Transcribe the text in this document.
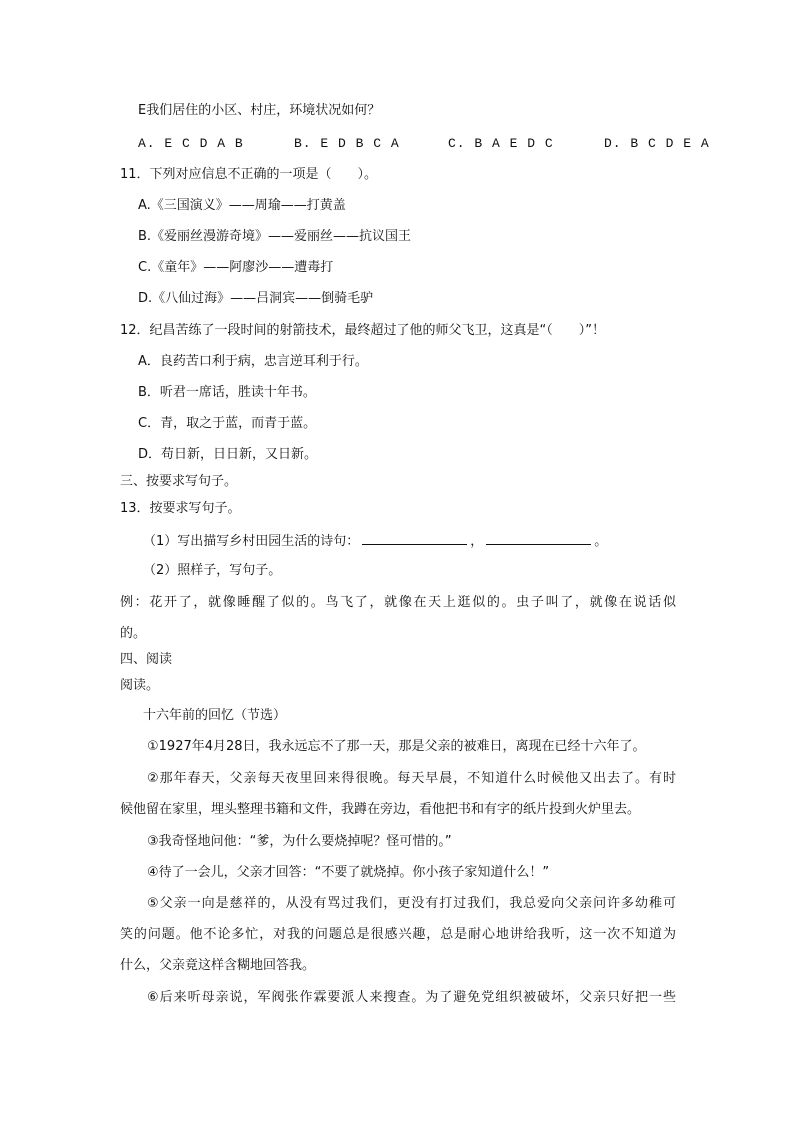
E我们居住的小区、村庄，环境状况如何？
A. E C D A B	B. E D B C A	C. B A E D C	D. B C D E A
11．下列对应信息不正确的一项是（　　）。
A.《三国演义》——周瑜——打黄盖
B.《爱丽丝漫游奇境》——爱丽丝——抗议国王
C.《童年》——阿廖沙——遭毒打
D.《八仙过海》——吕洞宾——倒骑毛驴
12．纪昌苦练了一段时间的射箭技术，最终超过了他的师父飞卫，这真是“（　　）”！
A．良药苦口利于病，忠言逆耳利于行。
B．听君一席话，胜读十年书。
C．青，取之于蓝，而青于蓝。
D．苟日新，日日新，又日新。
三、按要求写句子。
13．按要求写句子。
（1）写出描写乡村田园生活的诗句：	，	。
（2）照样子，写句子。
例：花开了，就像睡醒了似的。鸟飞了，就像在天上逛似的。虫子叫了，就像在说话似
的。
四、阅读
阅读。
十六年前的回忆（节选）
①1927年4月28日，我永远忘不了那一天，那是父亲的被难日，离现在已经十六年了。
②那年春天，父亲每天夜里回来得很晚。每天早晨，不知道什么时候他又出去了。有时
候他留在家里，埋头整理书籍和文件，我蹲在旁边，看他把书和有字的纸片投到火炉里去。
③我奇怪地问他：“爹，为什么要烧掉呢？怪可惜的。”
④待了一会儿，父亲才回答：“不要了就烧掉。你小孩子家知道什么！”
⑤父亲一向是慈祥的，从没有骂过我们，更没有打过我们，我总爱向父亲问许多幼稚可
笑的问题。他不论多忙，对我的问题总是很感兴趣，总是耐心地讲给我听，这一次不知道为
什么，父亲竟这样含糊地回答我。
⑥后来听母亲说，军阀张作霖要派人来搜查。为了避免党组织被破坏，父亲只好把一些
